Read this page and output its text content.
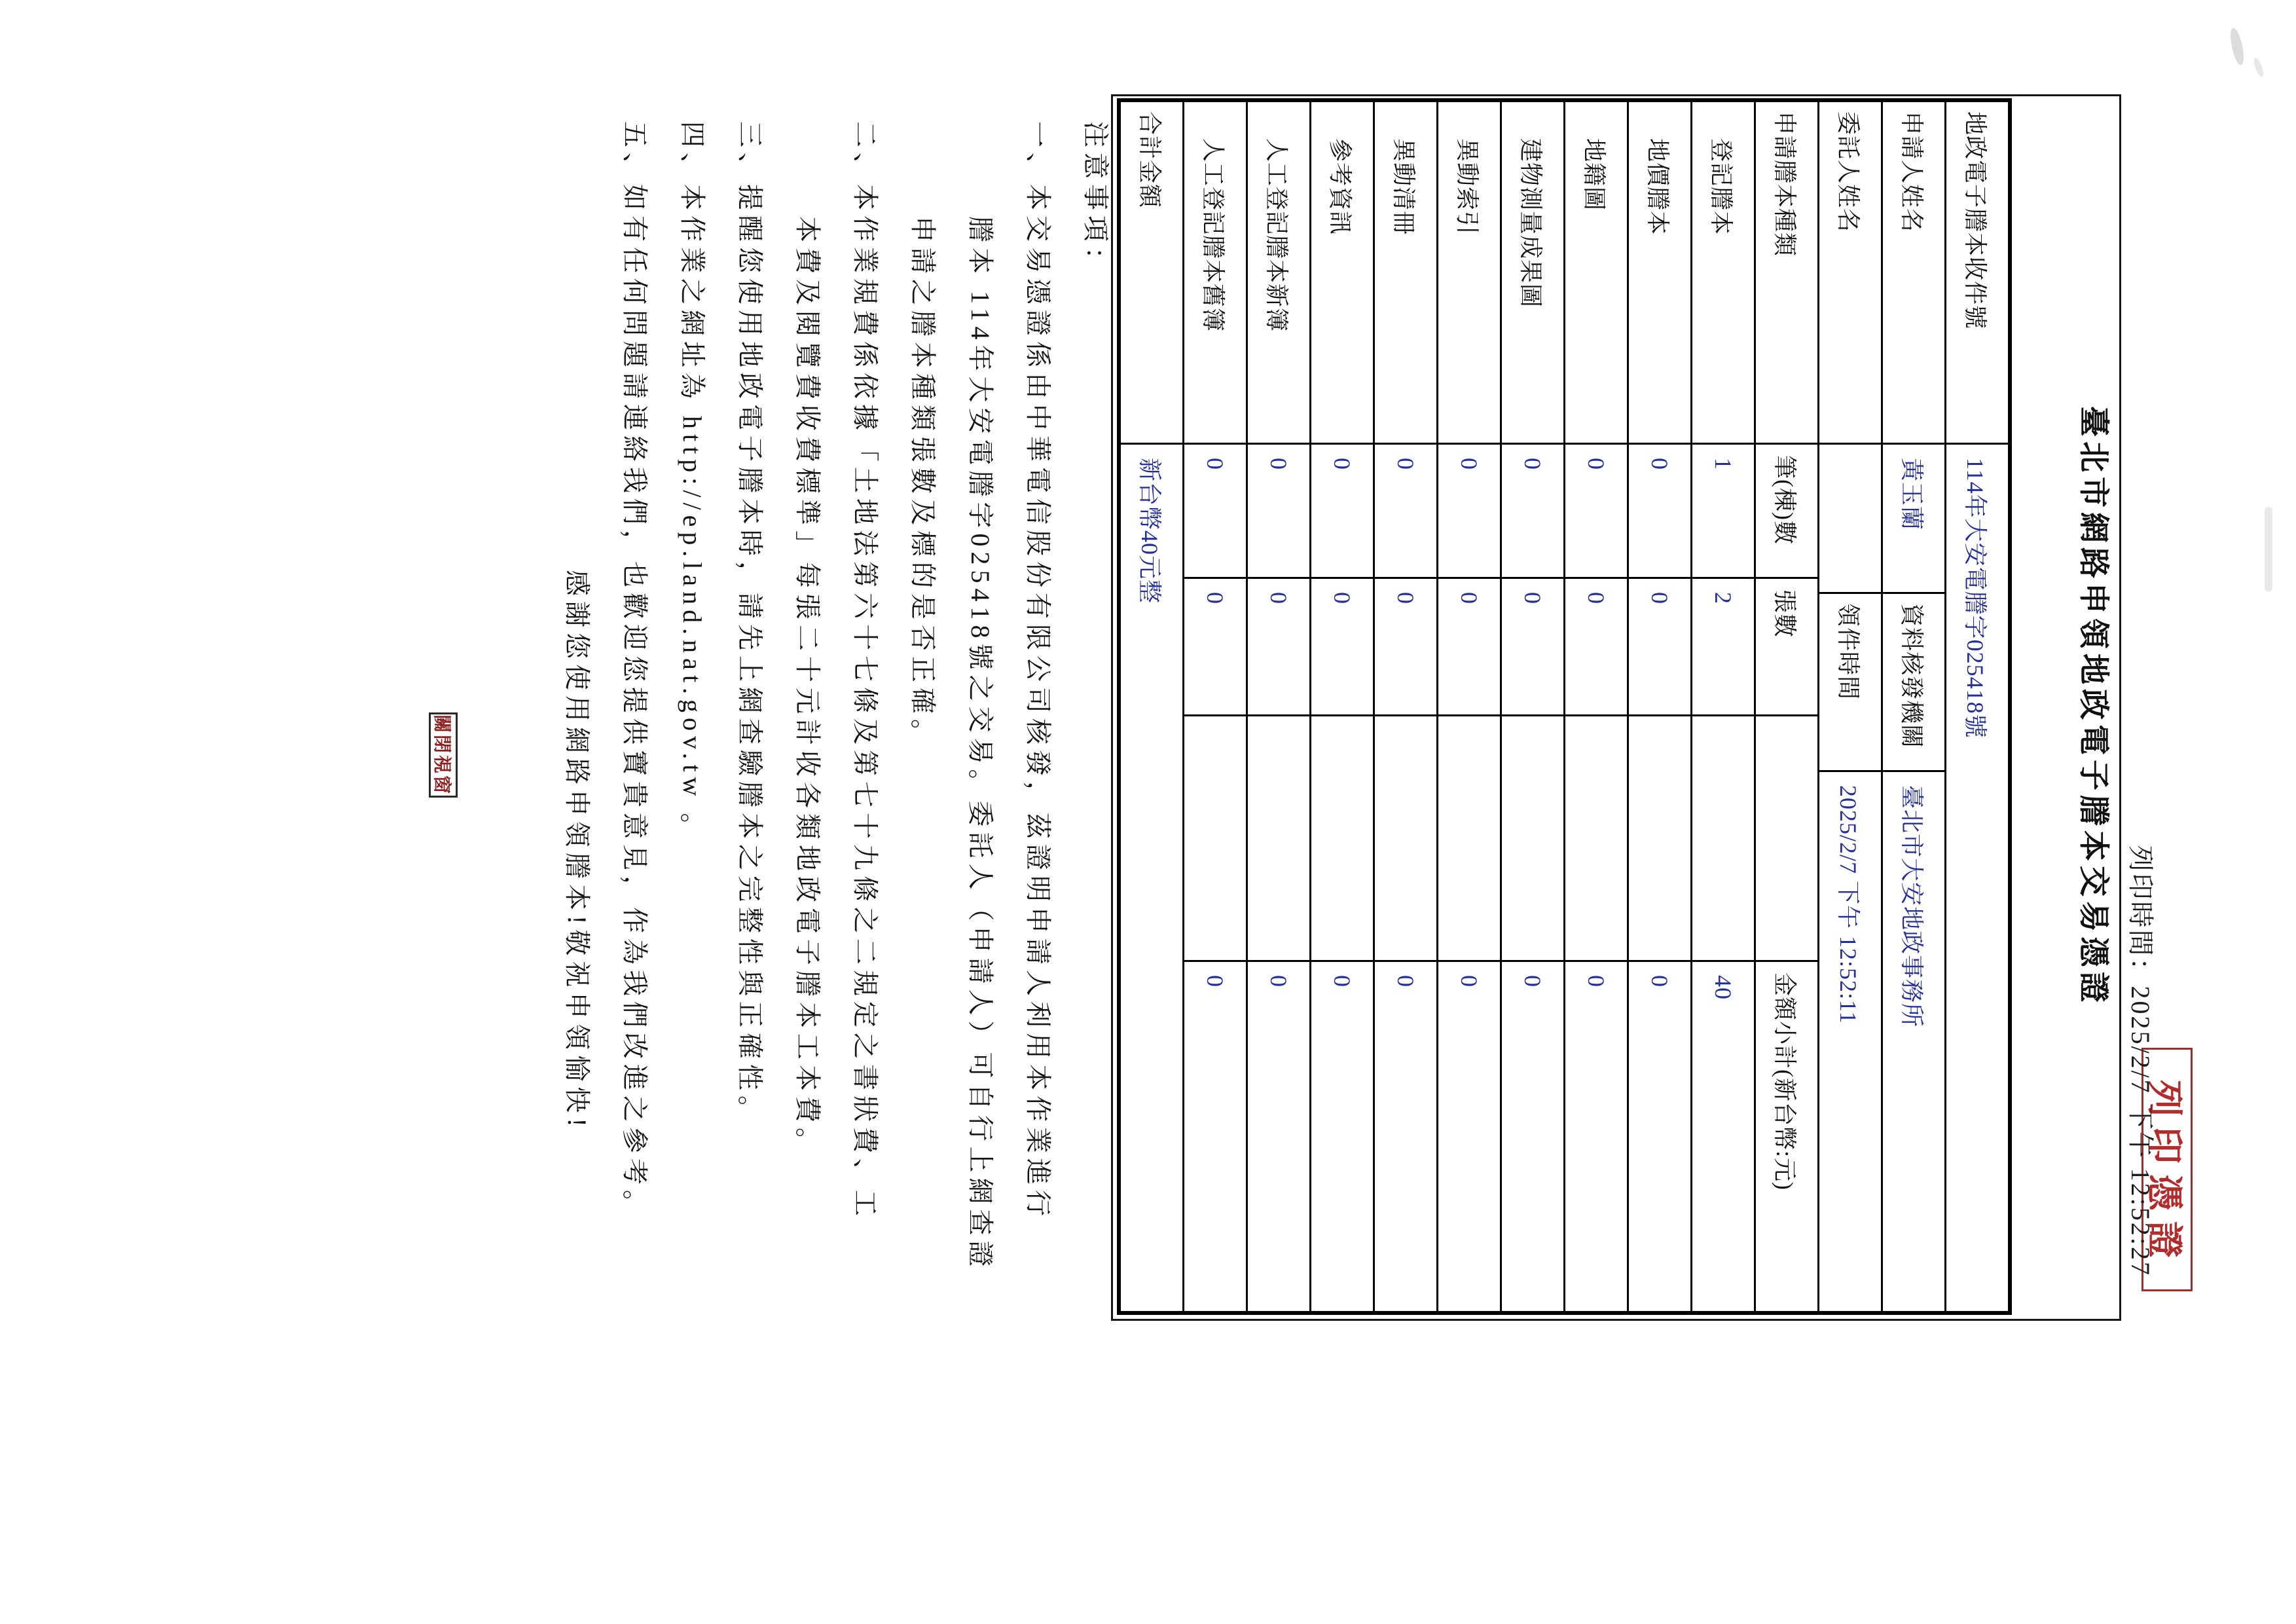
列印憑證
列印時間：2025/2/7 下午 12:52:27
臺北市網路申領地政電子謄本交易憑證
地政電子謄本收件號
114年大安電謄字025418號
申請人姓名
黃玉蘭
資料核發機關
臺北市大安地政事務所
委託人姓名
領件時間
2025/2/7 下午 12:52:11
申請謄本種類
筆(棟)數
張數
金額小計(新台幣:元)
登記謄本
1
2
40
地價謄本
0
0
0
地籍圖
0
0
0
建物測量成果圖
0
0
0
異動索引
0
0
0
異動清冊
0
0
0
參考資訊
0
0
0
人工登記謄本新簿
0
0
0
人工登記謄本舊簿
0
0
0
合計金額
新台幣40元整
注意事項：
一、本交易憑證係由中華電信股份有限公司核發，茲證明申請人利用本作業進行
謄本 114年大安電謄字025418號之交易。委託人（申請人）可自行上網查證
申請之謄本種類張數及標的是否正確。
二、本作業規費係依據「土地法第六十七條及第七十九條之二規定之書狀費、工
本費及閱覽費收費標準」每張二十元計收各類地政電子謄本工本費。
三、提醒您使用地政電子謄本時，請先上網查驗謄本之完整性與正確性。
四、本作業之網址為 http://ep.land.nat.gov.tw 。
五、如有任何問題請連絡我們，也歡迎您提供寶貴意見，作為我們改進之參考。
感謝您使用網路申領謄本!敬祝申領愉快!
關閉視窗
